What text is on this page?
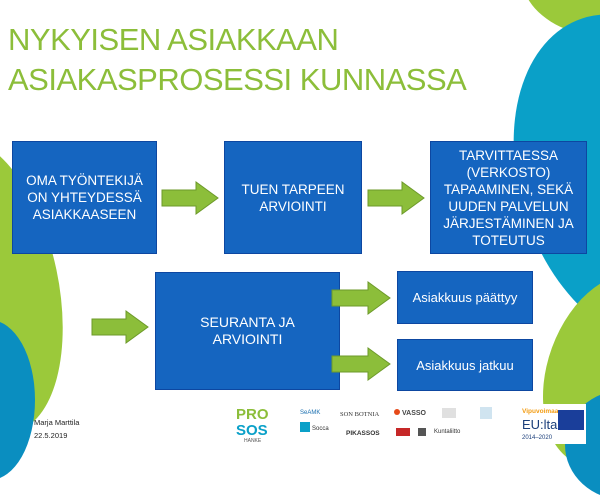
NYKYISEN ASIAKKAAN
ASIAKASPROSESSI KUNNASSA
OMA TYÖNTEKIJÄ
ON YHTEYDESSÄ
ASIAKKAASEEN
TUEN TARPEEN
ARVIOINTI
TARVITTAESSA
(VERKOSTO)
TAPAAMINEN, SEKÄ
UUDEN PALVELUN
JÄRJESTÄMINEN JA
TOTEUTUS
SEURANTA JA
ARVIOINTI
Asiakkuus päättyy
Asiakkuus jatkuu
Marja Marttila
22.5.2019
PRO
SOS
HANKE
SeAMK	SON BOTNIA	VASSO
Socca
PIKASSOS	Kuntaliitto
Vipuvoimaa
EU:lta
2014–2020
